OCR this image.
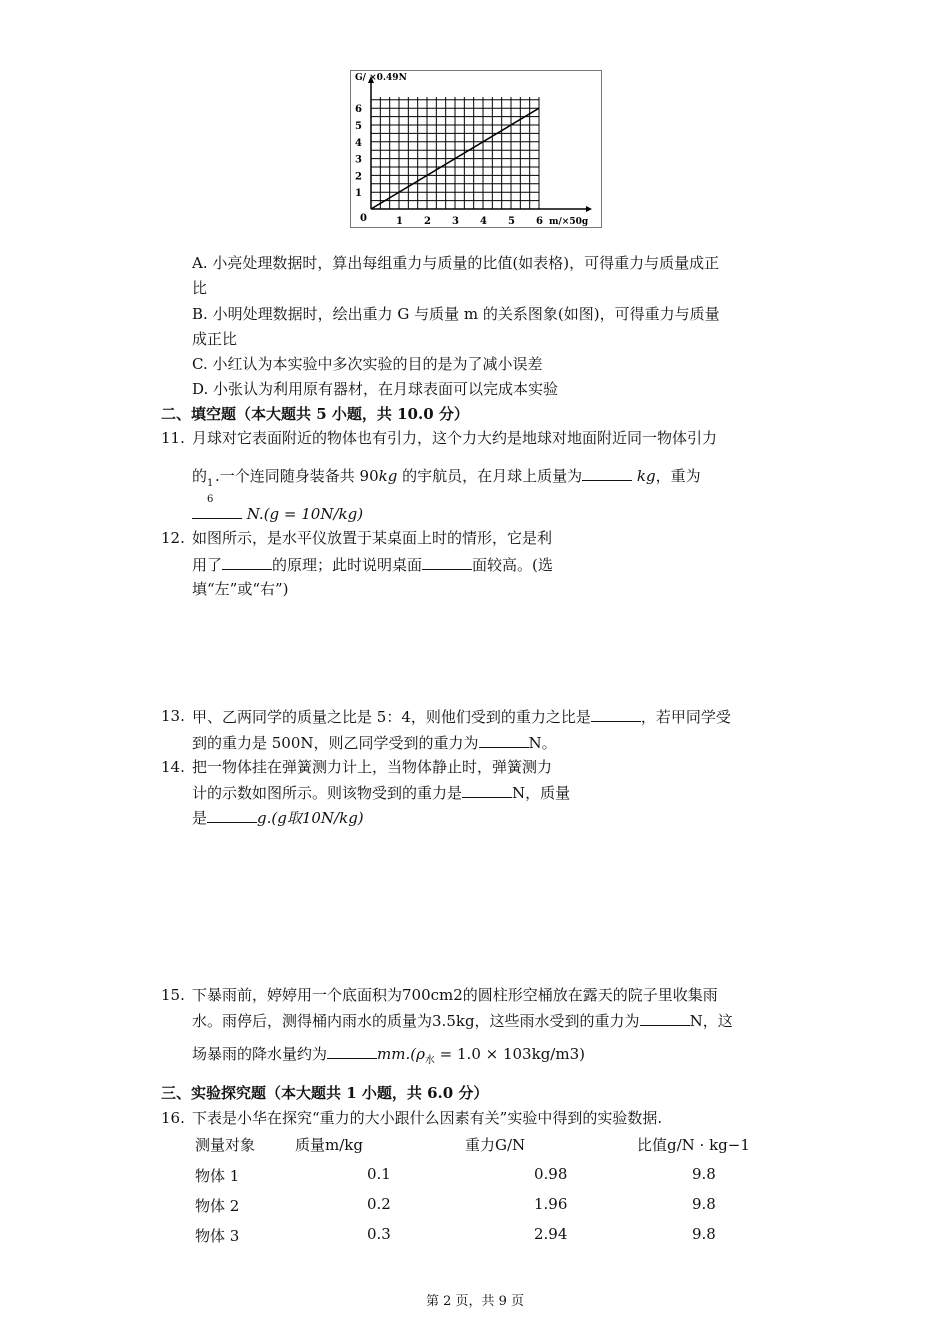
1 2 3 4 5 6
1
2
3
4
5
6
0
G/ ×0.49N
m/×50g
A. 小亮处理数据时，算出每组重力与质量的比值(如表格)，可得重力与质量成正
比
B. 小明处理数据时，绘出重力 G 与质量 m 的关系图象(如图)，可得重力与质量
成正比
C. 小红认为本实验中多次实验的目的是为了减小误差
D. 小张认为利用原有器材，在月球表面可以完成本实验
二、填空题（本大题共 5 小题，共 10.0 分）
11. 月球对它表面附近的物体也有引力，这个力大约是地球对地面附近同一物体引力
的 1
6
.一个连同随身装备共 90kg 的宇航员，在月球上质量为	kg，重为
N.(g = 10N/kg)
12. 如图所示，是水平仪放置于某桌面上时的情形，它是利
用了	的原理；此时说明桌面	面较高。(选
填“左”或“右”)
13. 甲、乙两同学的质量之比是 5：4，则他们受到的重力之比是	，若甲同学受
到的重力是 500N，则乙同学受到的重力为	N。
14. 把一物体挂在弹簧测力计上，当物体静止时，弹簧测力
计的示数如图所示。则该物受到的重力是	N，质量
是	g.(g取10N/kg)
15. 下暴雨前，婷婷用一个底面积为700cm2的圆柱形空桶放在露天的院子里收集雨
水。雨停后，测得桶内雨水的质量为3.5kg，这些雨水受到的重力为	N，这
场暴雨的降水量约为	$mm.(\rho_水 = 1.0 \times 103kg/m3)$
三、实验探究题（本大题共 1 小题，共 6.0 分）
16. 下表是小华在探究“重力的大小跟什么因素有关”实验中得到的实验数据.
测量对象	质量m/kg	重力G/N	比值g/N · kg−1
物体 1	0.1	0.98	9.8
物体 2	0.2	1.96	9.8
物体 3	0.3	2.94	9.8
第 2 页，共 9 页
